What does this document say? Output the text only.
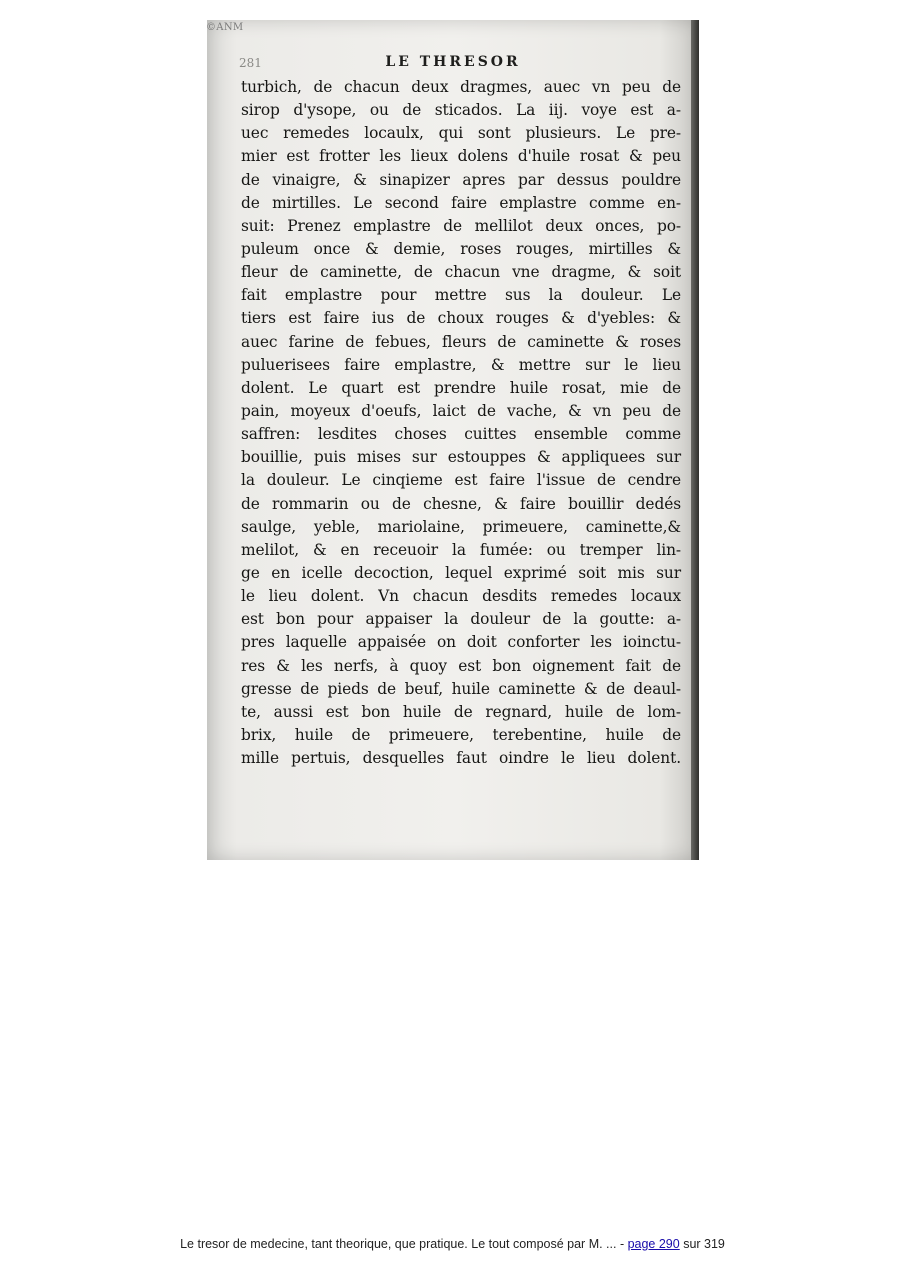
281	LE THRESOR
turbich, de chacun deux dragmes, auec vn peu de
sirop d'ysope, ou de sticados. La iij. voye est a-
uec remedes locaulx, qui sont plusieurs. Le pre-
mier est frotter les lieux dolens d'huile rosat & peu
de vinaigre, & sinapizer apres par dessus pouldre
de mirtilles. Le second faire emplastre comme en-
suit: Prenez emplastre de mellilot deux onces, po-
puleum once & demie, roses rouges, mirtilles &
fleur de caminette, de chacun vne dragme, & soit
fait emplastre pour mettre sus la douleur. Le
tiers est faire ius de choux rouges & d'yebles: &
auec farine de febues, fleurs de caminette & roses
puluerisees faire emplastre, & mettre sur le lieu
dolent. Le quart est prendre huile rosat, mie de
pain, moyeux d'oeufs, laict de vache, & vn peu de
saffren: lesdites choses cuittes ensemble comme
bouillie, puis mises sur estouppes & appliquees sur
la douleur. Le cinqieme est faire l'issue de cendre
de rommarin ou de chesne, & faire bouillir dedés
saulge, yeble, mariolaine, primeuere, caminette,&
melilot, & en receuoir la fumée: ou tremper lin-
ge en icelle decoction, lequel exprimé soit mis sur
le lieu dolent. Vn chacun desdits remedes locaux
est bon pour appaiser la douleur de la goutte: a-
pres laquelle appaisée on doit conforter les ioinctu-
res & les nerfs, à quoy est bon oignement fait de
gresse de pieds de beuf, huile caminette & de deaul-
te, aussi est bon huile de regnard, huile de lom-
brix, huile de primeuere, terebentine, huile de
mille pertuis, desquelles faut oindre le lieu dolent.
©ANM
Le tresor de medecine, tant theorique, que pratique. Le tout composé par M. ... - page 290 sur 319
